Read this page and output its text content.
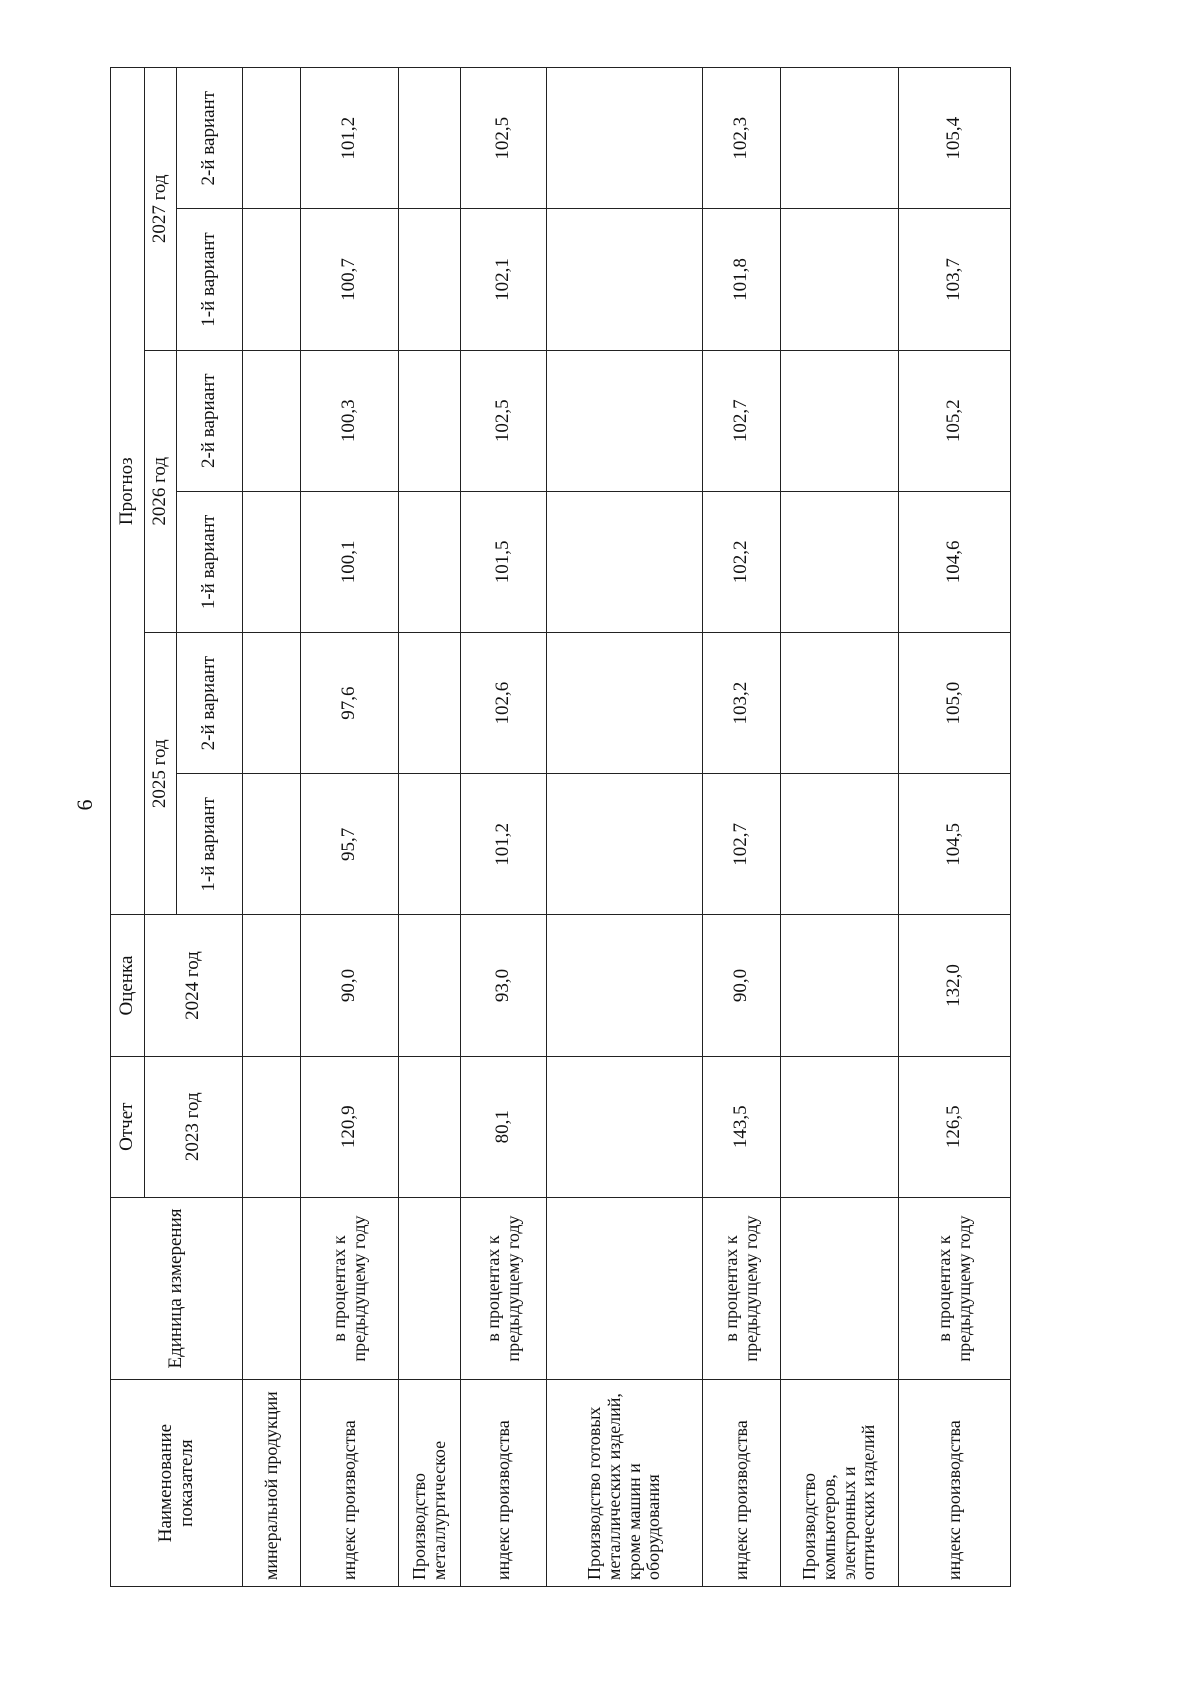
6
Наименование показателя	Единица измерения	Отчет	Оценка	Прогноз					
		2023 год	2024 год	2025 год		2026 год		2027 год	
				1-й вариант	2-й вариант	1-й вариант	2-й вариант	1-й вариант	2-й вариант
минеральной продукции									
индекс производства	в процентах к предыдущему году	120,9	90,0	95,7	97,6	100,1	100,3	100,7	101,2
Производство металлургическое									
индекс производства	в процентах к предыдущему году	80,1	93,0	101,2	102,6	101,5	102,5	102,1	102,5
Производство готовых металлических изделий, кроме машин и оборудования									
индекс производства	в процентах к предыдущему году	143,5	90,0	102,7	103,2	102,2	102,7	101,8	102,3
Производство компьютеров, электронных и оптических изделий									
индекс производства	в процентах к предыдущему году	126,5	132,0	104,5	105,0	104,6	105,2	103,7	105,4
